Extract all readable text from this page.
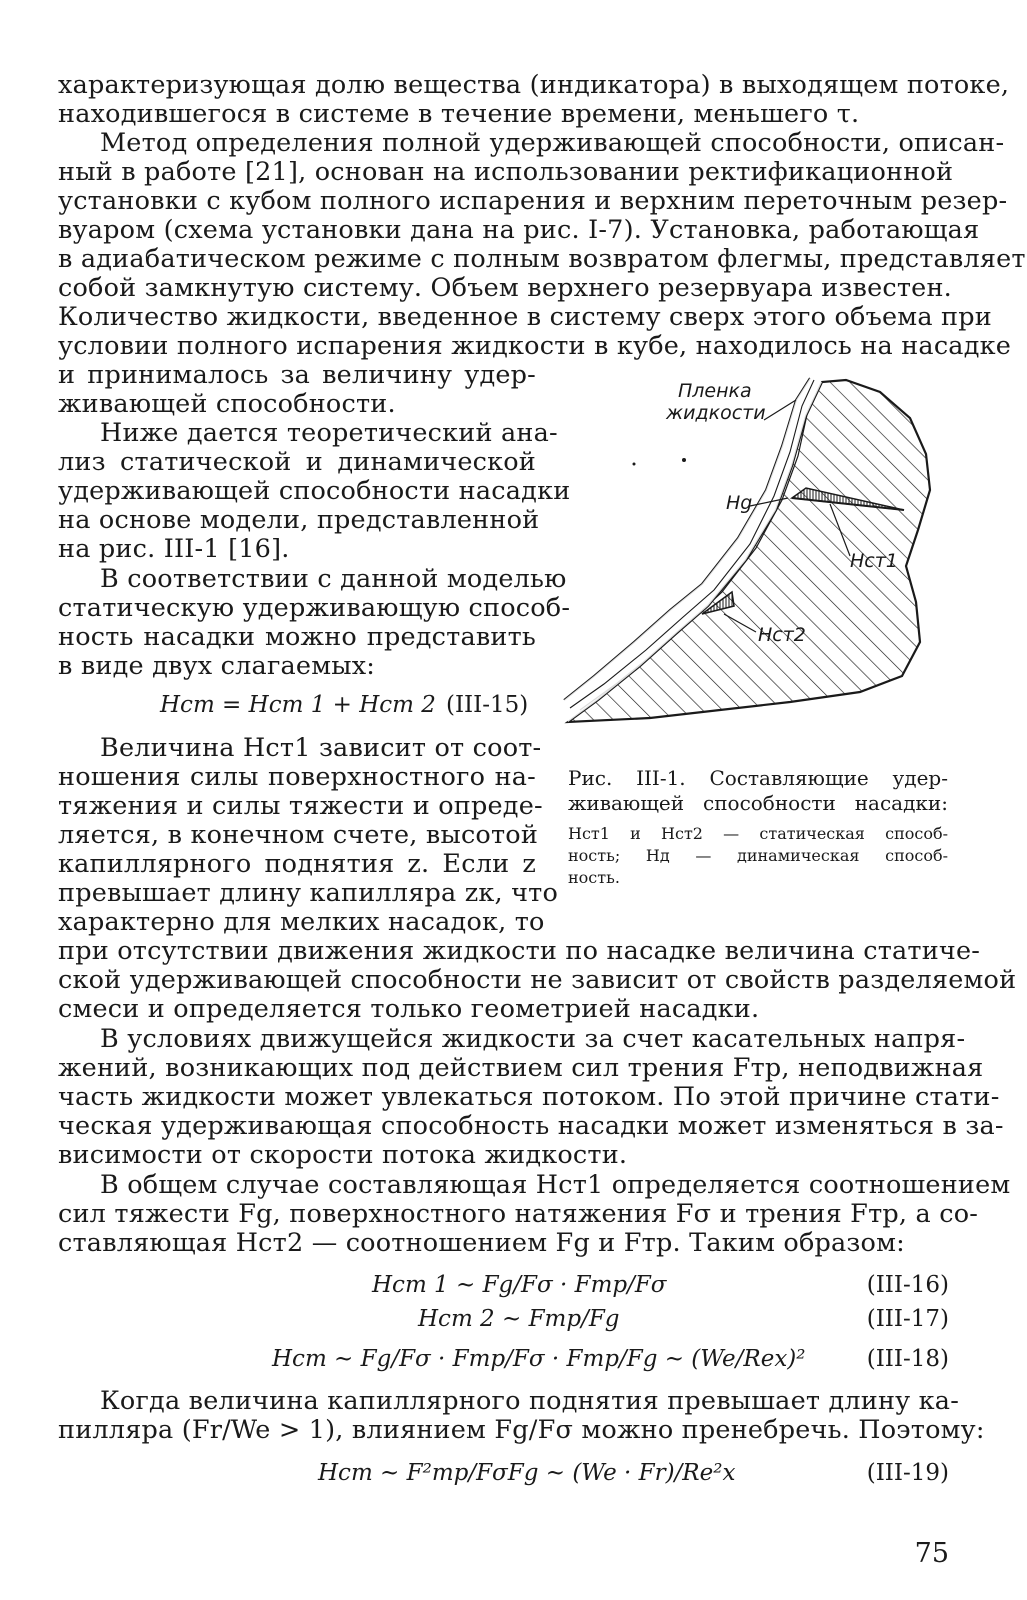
характеризующая долю вещества (индикатора) в выходящем потоке,
находившегося в системе в течение времени, меньшего τ.
Метод определения полной удерживающей способности, описан-
ный в работе [21], основан на использовании ректификационной
установки с кубом полного испарения и верхним переточным резер-
вуаром (схема установки дана на рис. I-7). Установка, работающая
в адиабатическом режиме с полным возвратом флегмы, представляет
собой замкнутую систему. Объем верхнего резервуара известен.
Количество жидкости, введенное в систему сверх этого объема при
условии полного испарения жидкости в кубе, находилось на насадке
и принималось за величину удер-
живающей способности.
Ниже дается теоретический ана-
лиз статической и динамической
удерживающей способности насадки
на основе модели, представленной
на рис. III-1 [16].
В соответствии с данной моделью
статическую удерживающую способ-
ность насадки можно представить
в виде двух слагаемых:
Hст = Hст 1 + Hст 2 (III-15)
Величина Hст1 зависит от соот-
ношения силы поверхностного на-
тяжения и силы тяжести и опреде-
ляется, в конечном счете, высотой
капиллярного поднятия z. Если z
превышает длину капилляра zк, что
характерно для мелких насадок, то
Пленка
жидкости
Hg
Hст1
Hст2
Рис. III-1. Составляющие удер-
живающей способности насадки:
Hст1 и Hст2 — статическая способ-
ность; Hд — динамическая способ-
ность.
при отсутствии движения жидкости по насадке величина статиче-
ской удерживающей способности не зависит от свойств разделяемой
смеси и определяется только геометрией насадки.
В условиях движущейся жидкости за счет касательных напря-
жений, возникающих под действием сил трения Fтр, неподвижная
часть жидкости может увлекаться потоком. По этой причине стати-
ческая удерживающая способность насадки может изменяться в за-
висимости от скорости потока жидкости.
В общем случае составляющая Hст1 определяется соотношением
сил тяжести Fg, поверхностного натяжения Fσ и трения Fтр, а со-
ставляющая Hст2 — соотношением Fg и Fтр. Таким образом:
Hст 1 ~ Fg/Fσ · Fтр/Fσ	(III-16)
Hст 2 ~ Fтр/Fg	(III-17)
Hст ~ Fg/Fσ · Fтр/Fσ · Fтр/Fg ~ (We/Rex)²	(III-18)
Когда величина капиллярного поднятия превышает длину ка-
пилляра (Fr/We > 1), влиянием Fg/Fσ можно пренебречь. Поэтому:
Hст ~ F²тр/FσFg ~ (We · Fr)/Re²x	(III-19)
75
